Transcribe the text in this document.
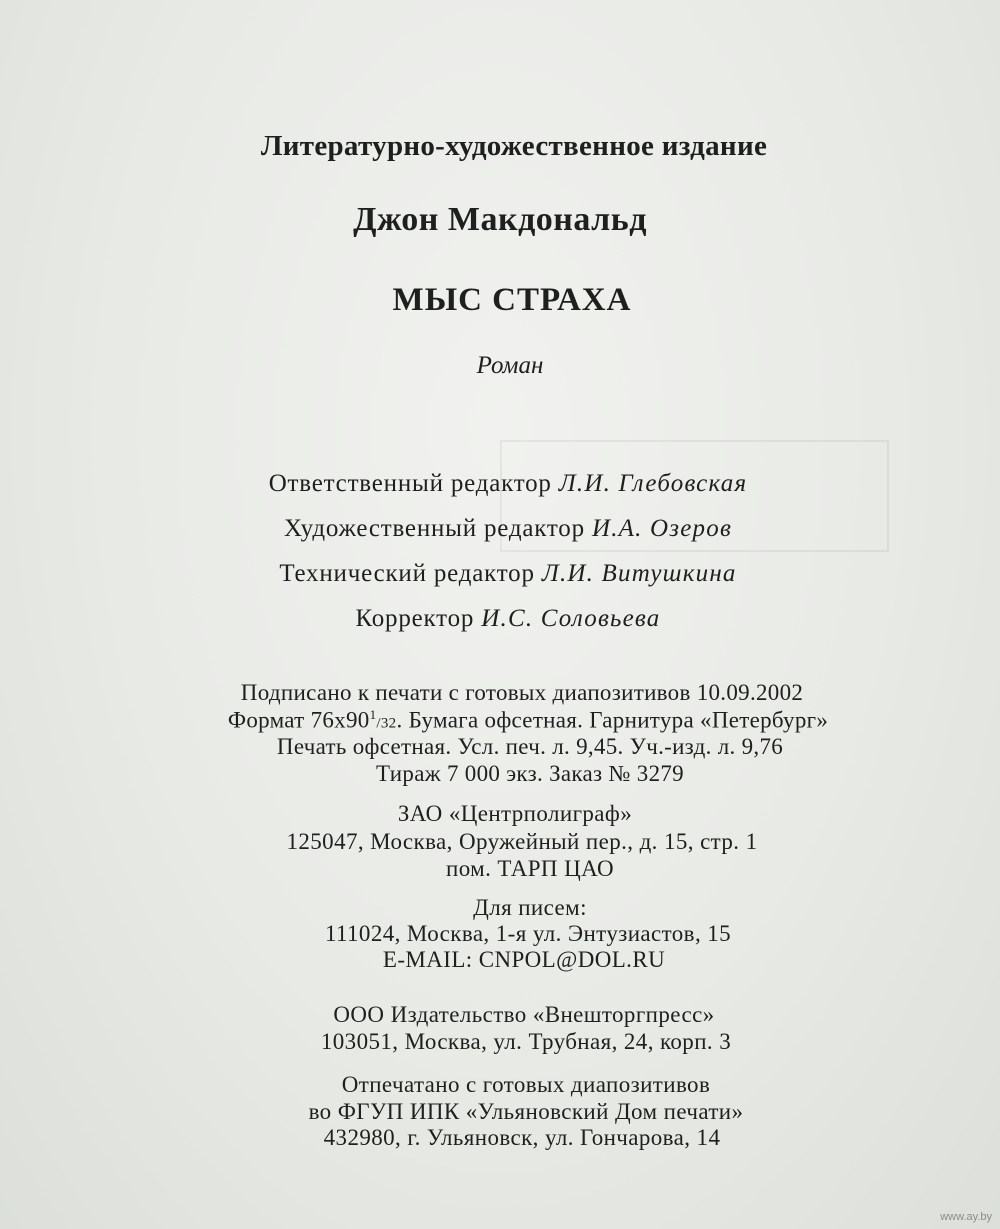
Литературно-художественное издание
Джон Макдональд
МЫС СТРАХА
Роман
Ответственный редактор Л.И. Глебовская
Художественный редактор И.А. Озеров
Технический редактор Л.И. Витушкина
Корректор И.С. Соловьева
Подписано к печати с готовых диапозитивов 10.09.2002
Формат $76х90^1/32$. Бумага офсетная. Гарнитура «Петербург»
Печать офсетная. Усл. печ. л. 9,45. Уч.-изд. л. 9,76
Тираж 7 000 экз. Заказ № 3279
ЗАО «Центрполиграф»
125047, Москва, Оружейный пер., д. 15, стр. 1
пом. ТАРП ЦАО
Для писем:
111024, Москва, 1-я ул. Энтузиастов, 15
E-MAIL: CNPOL@DOL.RU
ООО Издательство «Внешторгпресс»
103051, Москва, ул. Трубная, 24, корп. 3
Отпечатано с готовых диапозитивов
во ФГУП ИПК «Ульяновский Дом печати»
432980, г. Ульяновск, ул. Гончарова, 14
www.ay.by
